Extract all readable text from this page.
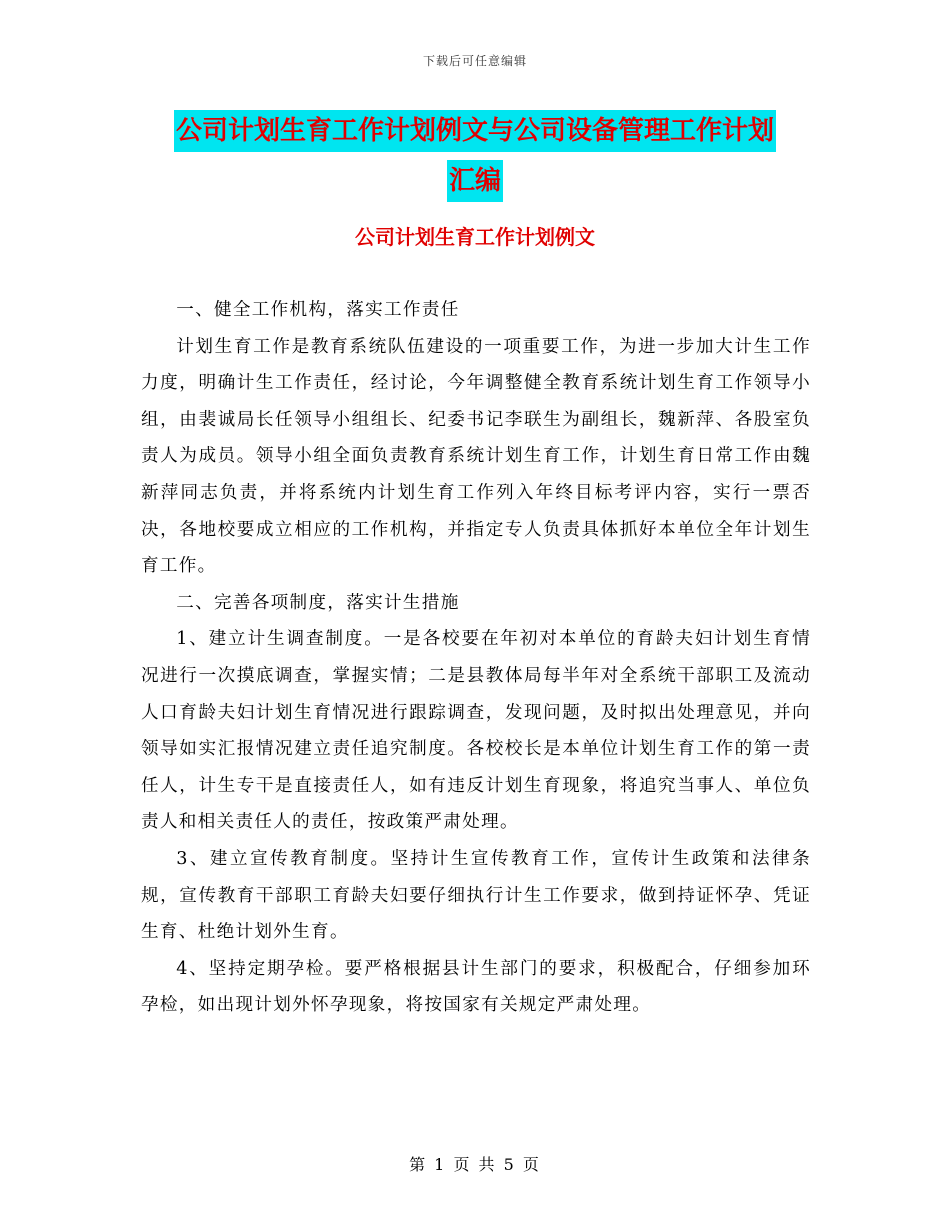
下载后可任意编辑
公司计划生育工作计划例文与公司设备管理工作计划
汇编
公司计划生育工作计划例文

一、健全工作机构，落实工作责任

计划生育工作是教育系统队伍建设的一项重要工作，为进一步加大计生工作力度，明确计生工作责任，经讨论，今年调整健全教育系统计划生育工作领导小组，由裴诚局长任领导小组组长、纪委书记李联生为副组长，魏新萍、各股室负责人为成员。领导小组全面负责教育系统计划生育工作，计划生育日常工作由魏新萍同志负责，并将系统内计划生育工作列入年终目标考评内容，实行一票否决，各地校要成立相应的工作机构，并指定专人负责具体抓好本单位全年计划生育工作。

二、完善各项制度，落实计生措施

1、建立计生调查制度。一是各校要在年初对本单位的育龄夫妇计划生育情况进行一次摸底调查，掌握实情；二是县教体局每半年对全系统干部职工及流动人口育龄夫妇计划生育情况进行跟踪调查，发现问题，及时拟出处理意见，并向领导如实汇报情况建立责任追究制度。各校校长是本单位计划生育工作的第一责任人，计生专干是直接责任人，如有违反计划生育现象，将追究当事人、单位负责人和相关责任人的责任，按政策严肃处理。

3、建立宣传教育制度。坚持计生宣传教育工作，宣传计生政策和法律条规，宣传教育干部职工育龄夫妇要仔细执行计生工作要求，做到持证怀孕、凭证生育、杜绝计划外生育。

4、坚持定期孕检。要严格根据县计生部门的要求，积极配合，仔细参加环孕检，如出现计划外怀孕现象，将按国家有关规定严肃处理。

第 1 页 共 5 页
